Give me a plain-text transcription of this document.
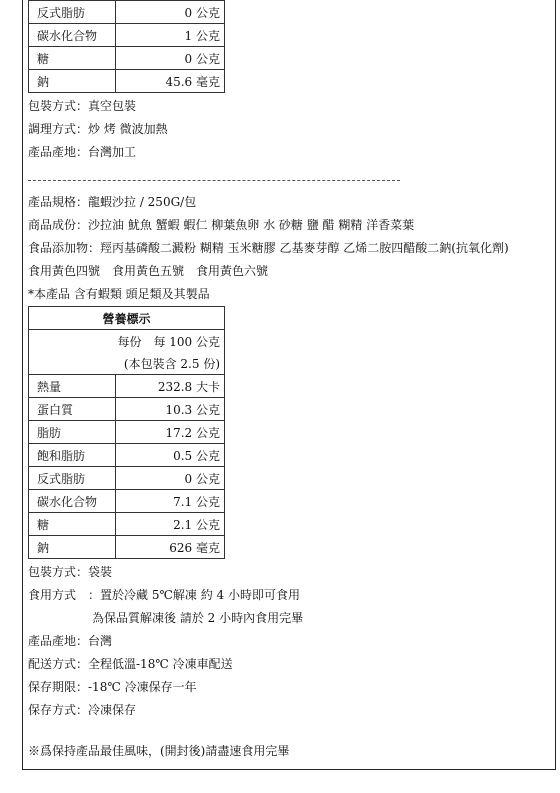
反式脂肪	0 公克
碳水化合物	1 公克
糖	0 公克
鈉	45.6 毫克
包裝方式：真空包裝
調理方式：炒 烤 微波加熱
產品產地：台灣加工
產品規格：龍蝦沙拉 / 250G/包
商品成份：沙拉油 魷魚 蟹蝦 蝦仁 柳葉魚卵 水 砂糖 鹽 醋 糊精 洋香菜葉
食品添加物：羥丙基磷酸二澱粉 糊精 玉米糖膠 乙基麥芽醇 乙烯二胺四醋酸二鈉(抗氧化劑)
食用黃色四號　食用黃色五號　食用黃色六號
*本產品 含有蝦類 頭足類及其製品
營養標示	
每份　每 100 公克	
(本包裝含 2.5 份)	
熱量	232.8 大卡
蛋白質	10.3 公克
脂肪	17.2 公克
飽和脂肪	0.5 公克
反式脂肪	0 公克
碳水化合物	7.1 公克
糖	2.1 公克
鈉	626 毫克
包裝方式：袋裝
食用方式　：置於冷藏 5℃解凍 約 4 小時即可食用
為保品質解凍後 請於 2 小時內食用完畢
產品產地：台灣
配送方式：全程低溫-18℃ 冷凍車配送
保存期限：-18℃ 冷凍保存一年
保存方式：冷凍保存
※爲保持產品最佳風味，(開封後)請盡速食用完畢
